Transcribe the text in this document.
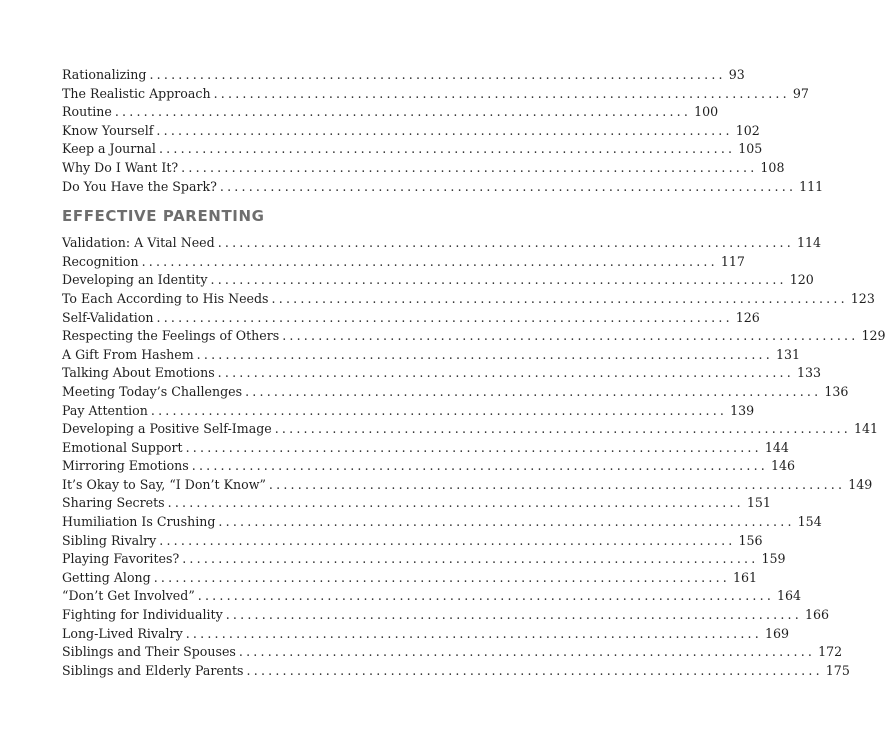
Rationalizing ................................................................................ 93
The Realistic Approach ................................................................................ 97
Routine ................................................................................ 100
Know Yourself ................................................................................ 102
Keep a Journal ................................................................................ 105
Why Do I Want It? ................................................................................ 108
Do You Have the Spark? ................................................................................ 111
EFFECTIVE PARENTING
Validation: A Vital Need ................................................................................ 114
Recognition ................................................................................ 117
Developing an Identity ................................................................................ 120
To Each According to His Needs ................................................................................ 123
Self-Validation ................................................................................ 126
Respecting the Feelings of Others ................................................................................ 129
A Gift From Hashem ................................................................................ 131
Talking About Emotions ................................................................................ 133
Meeting Today’s Challenges ................................................................................ 136
Pay Attention ................................................................................ 139
Developing a Positive Self-Image ................................................................................ 141
Emotional Support ................................................................................ 144
Mirroring Emotions ................................................................................ 146
It’s Okay to Say, “I Don’t Know” ................................................................................ 149
Sharing Secrets ................................................................................ 151
Humiliation Is Crushing ................................................................................ 154
Sibling Rivalry ................................................................................ 156
Playing Favorites? ................................................................................ 159
Getting Along ................................................................................ 161
“Don’t Get Involved” ................................................................................ 164
Fighting for Individuality ................................................................................ 166
Long-Lived Rivalry ................................................................................ 169
Siblings and Their Spouses ................................................................................ 172
Siblings and Elderly Parents ................................................................................ 175
